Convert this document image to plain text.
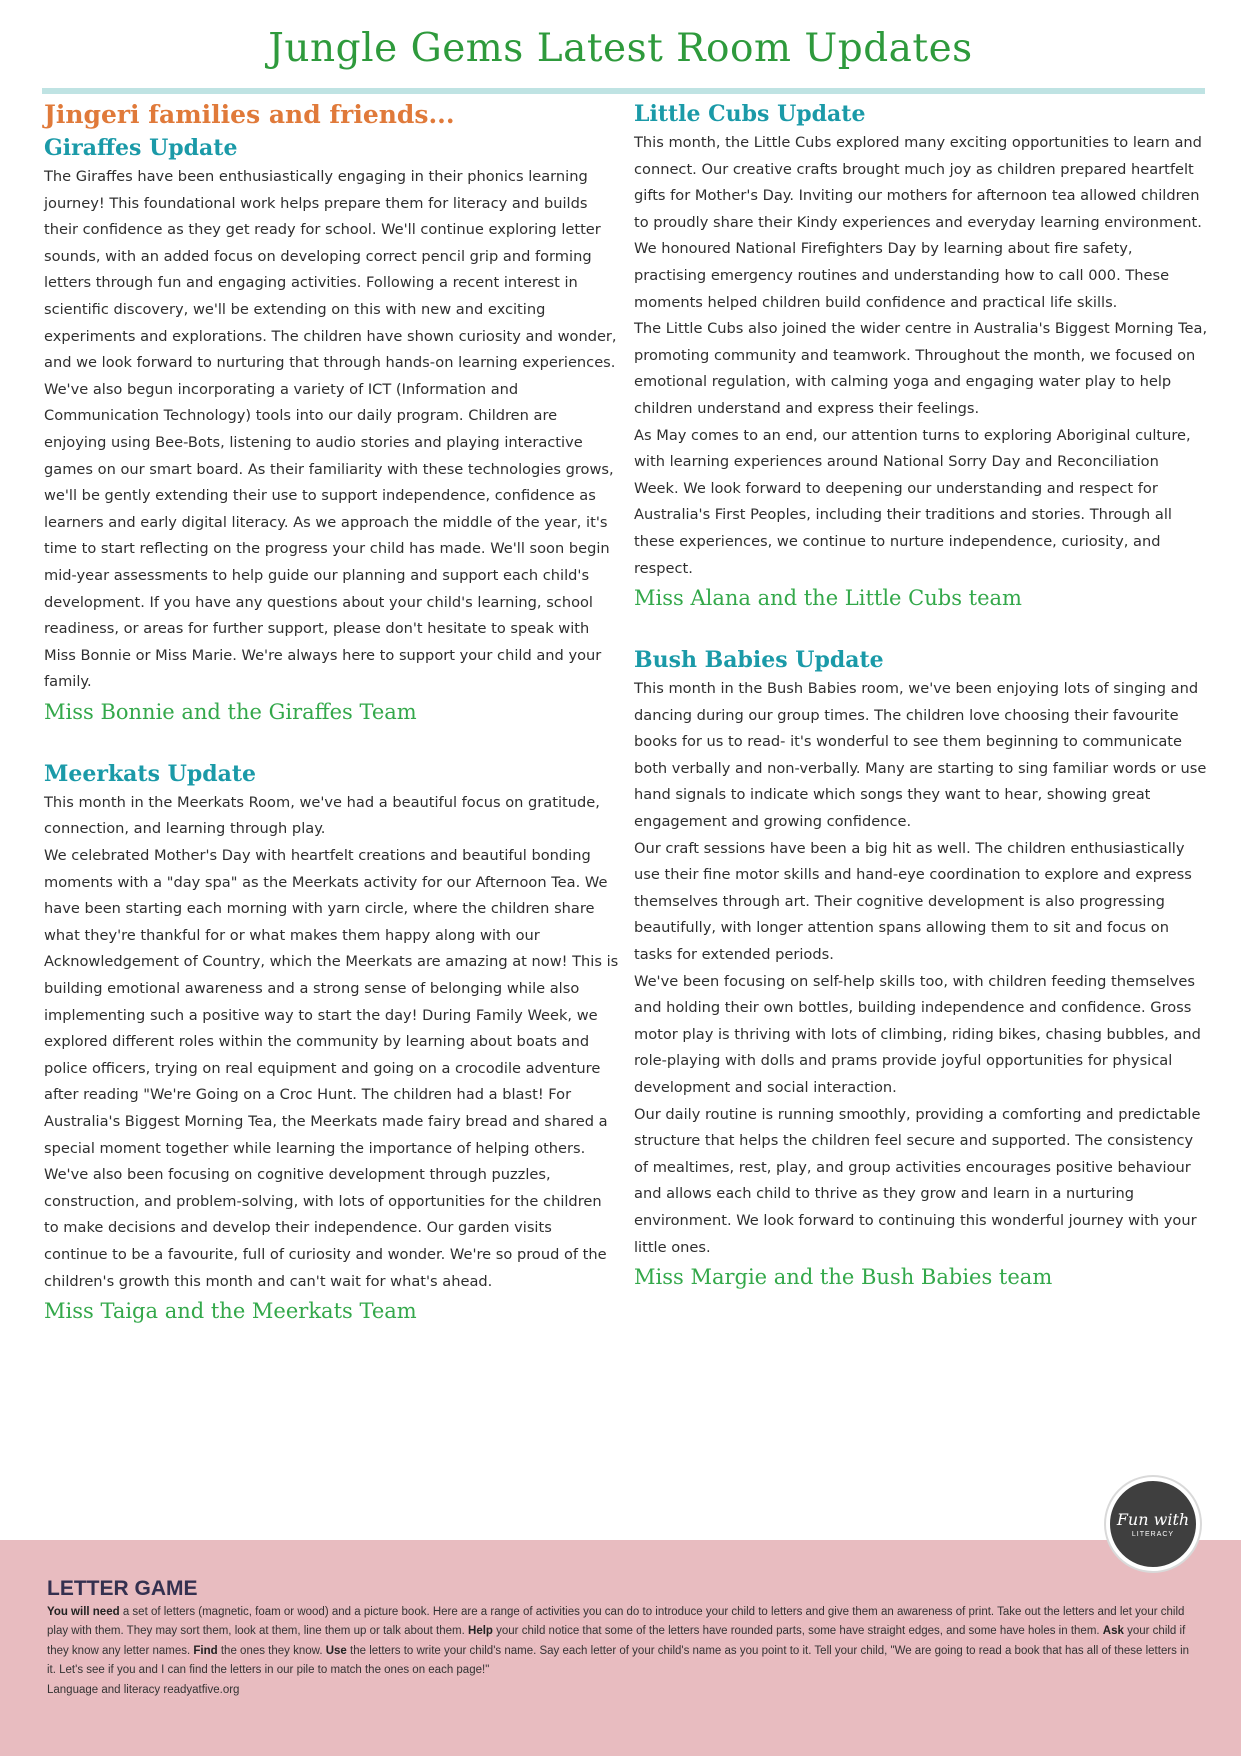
Jungle Gems Latest Room Updates
Jingeri families and friends...
Giraffes Update

The Giraffes have been enthusiastically engaging in their phonics learning journey! This foundational work helps prepare them for literacy and builds their confidence as they get ready for school. We'll continue exploring letter sounds, with an added focus on developing correct pencil grip and forming letters through fun and engaging activities. Following a recent interest in scientific discovery, we'll be extending on this with new and exciting experiments and explorations. The children have shown curiosity and wonder, and we look forward to nurturing that through hands-on learning experiences. We've also begun incorporating a variety of ICT (Information and Communication Technology) tools into our daily program. Children are enjoying using Bee-Bots, listening to audio stories and playing interactive games on our smart board. As their familiarity with these technologies grows, we'll be gently extending their use to support independence, confidence as learners and early digital literacy. As we approach the middle of the year, it's time to start reflecting on the progress your child has made. We'll soon begin mid-year assessments to help guide our planning and support each child's development. If you have any questions about your child's learning, school readiness, or areas for further support, please don't hesitate to speak with Miss Bonnie or Miss Marie. We're always here to support your child and your family.

Miss Bonnie and the Giraffes Team

Meerkats Update

This month in the Meerkats Room, we've had a beautiful focus on gratitude, connection, and learning through play.

We celebrated Mother's Day with heartfelt creations and beautiful bonding moments with a "day spa" as the Meerkats activity for our Afternoon Tea. We have been starting each morning with yarn circle, where the children share what they're thankful for or what makes them happy along with our Acknowledgement of Country, which the Meerkats are amazing at now! This is building emotional awareness and a strong sense of belonging while also implementing such a positive way to start the day! During Family Week, we explored different roles within the community by learning about boats and police officers, trying on real equipment and going on a crocodile adventure after reading "We're Going on a Croc Hunt. The children had a blast! For Australia's Biggest Morning Tea, the Meerkats made fairy bread and shared a special moment together while learning the importance of helping others. We've also been focusing on cognitive development through puzzles, construction, and problem-solving, with lots of opportunities for the children to make decisions and develop their independence. Our garden visits continue to be a favourite, full of curiosity and wonder. We're so proud of the children's growth this month and can't wait for what's ahead.

Miss Taiga and the Meerkats Team

Little Cubs Update

This month, the Little Cubs explored many exciting opportunities to learn and connect. Our creative crafts brought much joy as children prepared heartfelt gifts for Mother's Day. Inviting our mothers for afternoon tea allowed children to proudly share their Kindy experiences and everyday learning environment. We honoured National Firefighters Day by learning about fire safety, practising emergency routines and understanding how to call 000. These moments helped children build confidence and practical life skills.

The Little Cubs also joined the wider centre in Australia's Biggest Morning Tea, promoting community and teamwork. Throughout the month, we focused on emotional regulation, with calming yoga and engaging water play to help children understand and express their feelings.

As May comes to an end, our attention turns to exploring Aboriginal culture, with learning experiences around National Sorry Day and Reconciliation Week. We look forward to deepening our understanding and respect for Australia's First Peoples, including their traditions and stories. Through all these experiences, we continue to nurture independence, curiosity, and respect.

Miss Alana and the Little Cubs team

Bush Babies Update

This month in the Bush Babies room, we've been enjoying lots of singing and dancing during our group times. The children love choosing their favourite books for us to read- it's wonderful to see them beginning to communicate both verbally and non-verbally. Many are starting to sing familiar words or use hand signals to indicate which songs they want to hear, showing great engagement and growing confidence.

Our craft sessions have been a big hit as well. The children enthusiastically use their fine motor skills and hand-eye coordination to explore and express themselves through art. Their cognitive development is also progressing beautifully, with longer attention spans allowing them to sit and focus on tasks for extended periods.

We've been focusing on self-help skills too, with children feeding themselves and holding their own bottles, building independence and confidence. Gross motor play is thriving with lots of climbing, riding bikes, chasing bubbles, and role-playing with dolls and prams provide joyful opportunities for physical development and social interaction.

Our daily routine is running smoothly, providing a comforting and predictable structure that helps the children feel secure and supported. The consistency of mealtimes, rest, play, and group activities encourages positive behaviour and allows each child to thrive as they grow and learn in a nurturing environment. We look forward to continuing this wonderful journey with your little ones.

Miss Margie and the Bush Babies team

LETTER GAME

You will need a set of letters (magnetic, foam or wood) and a picture book. Here are a range of activities you can do to introduce your child to letters and give them an awareness of print. Take out the letters and let your child play with them. They may sort them, look at them, line them up or talk about them. Help your child notice that some of the letters have rounded parts, some have straight edges, and some have holes in them. Ask your child if they know any letter names. Find the ones they know. Use the letters to write your child's name. Say each letter of your child's name as you point to it. Tell your child, "We are going to read a book that has all of these letters in it. Let's see if you and I can find the letters in our pile to match the ones on each page!"
Language and literacy readyatfive.org

Fun with
LITERACY
